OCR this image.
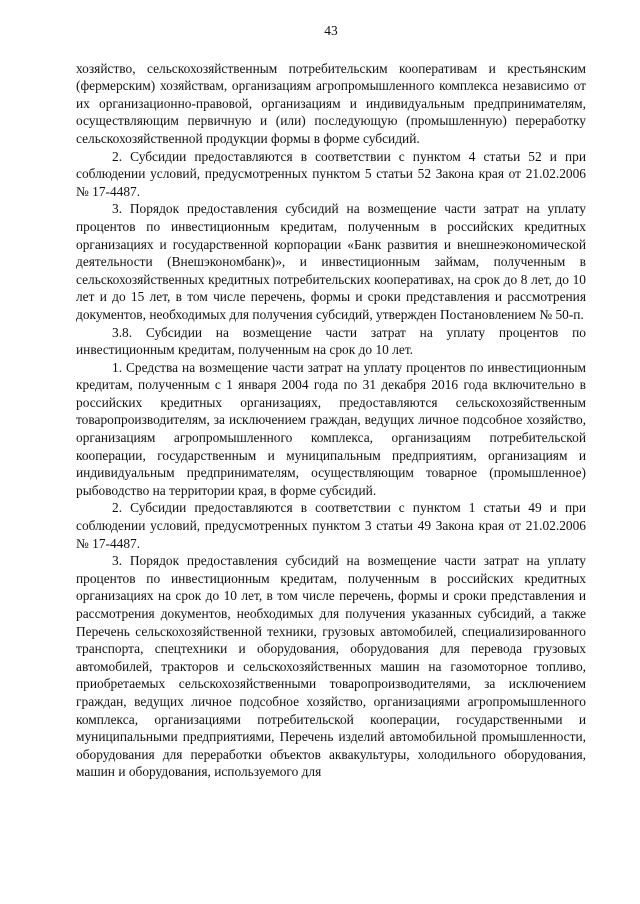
43

хозяйство, сельскохозяйственным потребительским кооперативам и крестьянским (фермерским) хозяйствам, организациям агропромышленного комплекса независимо от их организационно-правовой, организациям и индивидуальным предпринимателям, осуществляющим первичную и (или) последующую (промышленную) переработку сельскохозяйственной продукции формы в форме субсидий.

2. Субсидии предоставляются в соответствии с пунктом 4 статьи 52 и при соблюдении условий, предусмотренных пунктом 5 статьи 52 Закона края от 21.02.2006 № 17-4487.

3. Порядок предоставления субсидий на возмещение части затрат на уплату процентов по инвестиционным кредитам, полученным в российских кредитных организациях и государственной корпорации «Банк развития и внешнеэкономической деятельности (Внешэкономбанк)», и инвестиционным займам, полученным в сельскохозяйственных кредитных потребительских кооперативах, на срок до 8 лет, до 10 лет и до 15 лет, в том числе перечень, формы и сроки представления и рассмотрения документов, необходимых для получения субсидий, утвержден Постановлением № 50-п.

3.8. Субсидии на возмещение части затрат на уплату процентов по инвестиционным кредитам, полученным на срок до 10 лет.

1. Средства на возмещение части затрат на уплату процентов по инвестиционным кредитам, полученным с 1 января 2004 года по 31 декабря 2016 года включительно в российских кредитных организациях, предоставляются сельскохозяйственным товаропроизводителям, за исключением граждан, ведущих личное подсобное хозяйство, организациям агропромышленного комплекса, организациям потребительской кооперации, государственным и муниципальным предприятиям, организациям и индивидуальным предпринимателям, осуществляющим товарное (промышленное) рыбоводство на территории края, в форме субсидий.

2. Субсидии предоставляются в соответствии с пунктом 1 статьи 49 и при соблюдении условий, предусмотренных пунктом 3 статьи 49 Закона края от 21.02.2006 № 17-4487.

3. Порядок предоставления субсидий на возмещение части затрат на уплату процентов по инвестиционным кредитам, полученным в российских кредитных организациях на срок до 10 лет, в том числе перечень, формы и сроки представления и рассмотрения документов, необходимых для получения указанных субсидий, а также Перечень сельскохозяйственной техники, грузовых автомобилей, специализированного транспорта, спецтехники и оборудования, оборудования для перевода грузовых автомобилей, тракторов и сельскохозяйственных машин на газомоторное топливо, приобретаемых сельскохозяйственными товаропроизводителями, за исключением граждан, ведущих личное подсобное хозяйство, организациями агропромышленного комплекса, организациями потребительской кооперации, государственными и муниципальными предприятиями, Перечень изделий автомобильной промышленности, оборудования для переработки объектов аквакультуры, холодильного оборудования, машин и оборудования, используемого для
